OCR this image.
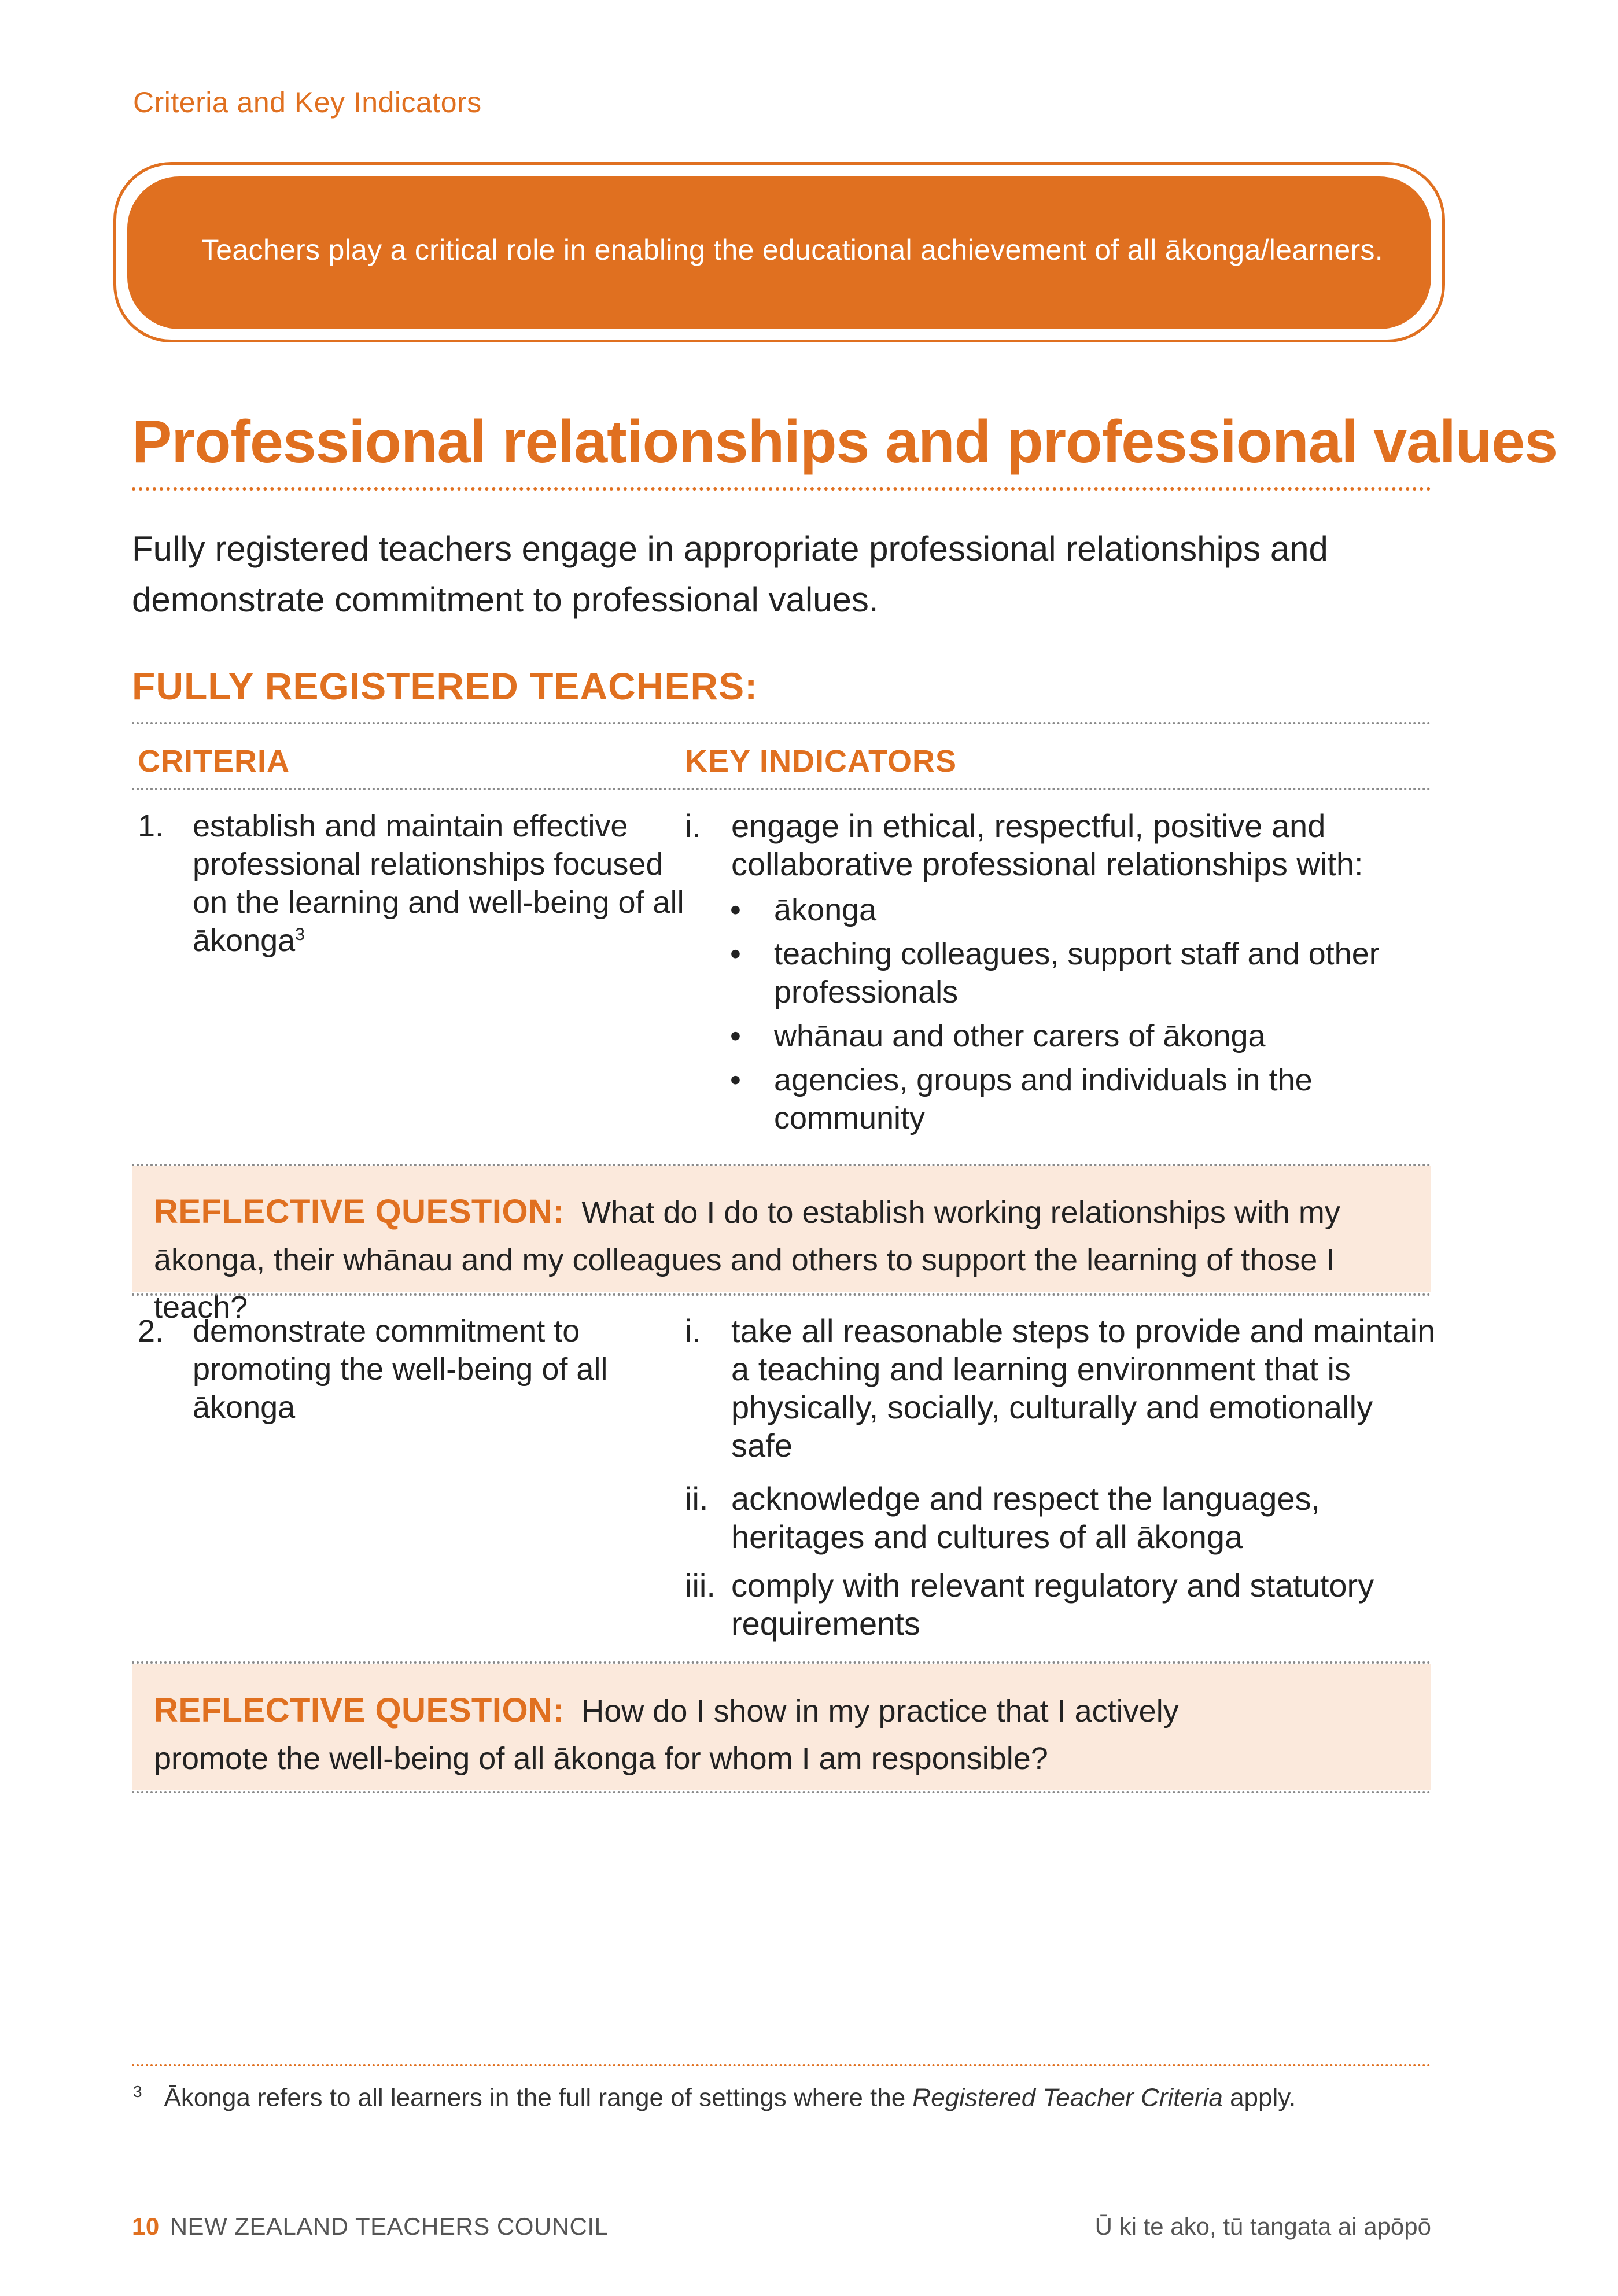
Criteria and Key Indicators
Teachers play a critical role in enabling the educational achievement of all ākonga/learners.
Professional relationships and professional values
Fully registered teachers engage in appropriate professional relationships and demonstrate commitment to professional values.
FULLY REGISTERED TEACHERS:
CRITERIA	KEY INDICATORS
1. establish and maintain effective professional relationships focused on the learning and well-being of all ākonga$^3$
i. engage in ethical, respectful, positive and collaborative professional relationships with:
• ākonga
• teaching colleagues, support staff and other professionals
• whānau and other carers of ākonga
• agencies, groups and individuals in the community
REFLECTIVE QUESTION: What do I do to establish working relationships with my ākonga, their whānau and my colleagues and others to support the learning of those I teach?
2. demonstrate commitment to promoting the well-being of all ākonga
i. take all reasonable steps to provide and maintain a teaching and learning environment that is physically, socially, culturally and emotionally safe
ii. acknowledge and respect the languages, heritages and cultures of all ākonga
iii. comply with relevant regulatory and statutory requirements
REFLECTIVE QUESTION: How do I show in my practice that I actively promote the well-being of all ākonga for whom I am responsible?
$^3$ Ākonga refers to all learners in the full range of settings where the Registered Teacher Criteria apply.
10 NEW ZEALAND TEACHERS COUNCIL	Ū ki te ako, tū tangata ai apōpō
